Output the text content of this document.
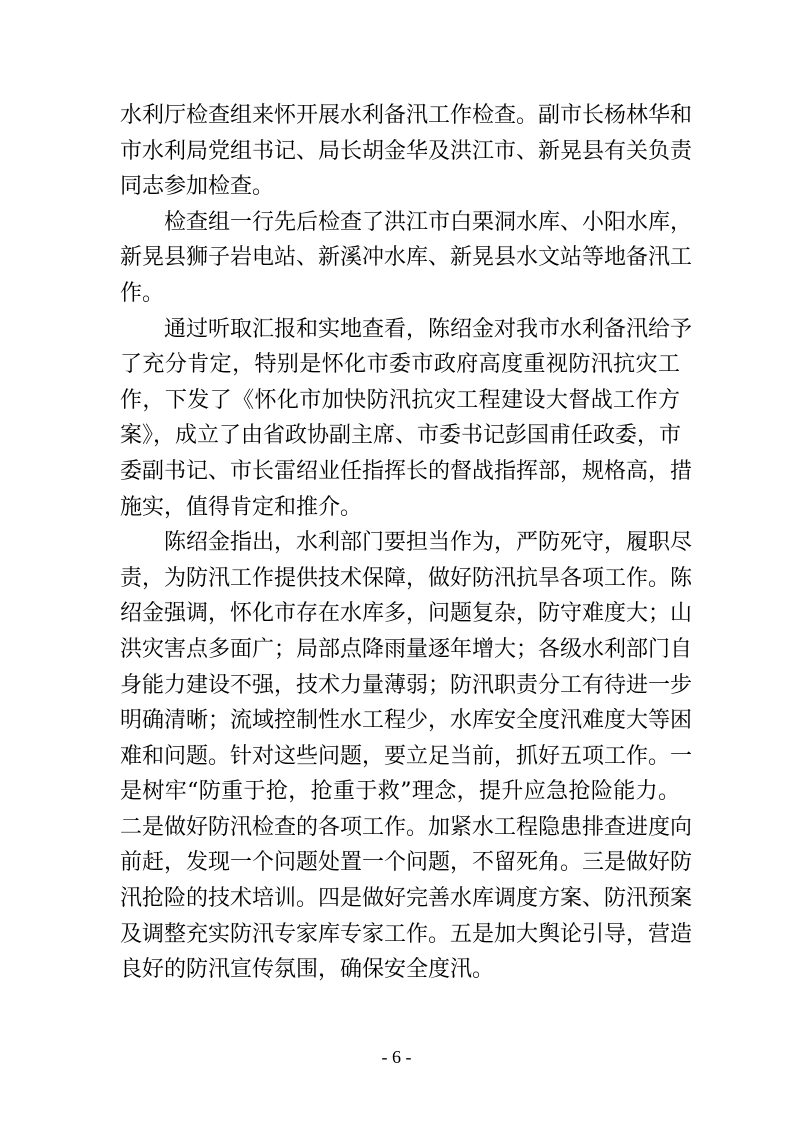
水利厅检查组来怀开展水利备汛工作检查。副市长杨林华和
市水利局党组书记、局长胡金华及洪江市、新晃县有关负责
同志参加检查。
检查组一行先后检查了洪江市白栗洞水库、小阳水库，
新晃县狮子岩电站、新溪冲水库、新晃县水文站等地备汛工
作。
通过听取汇报和实地查看，陈绍金对我市水利备汛给予
了充分肯定，特别是怀化市委市政府高度重视防汛抗灾工
作，下发了《怀化市加快防汛抗灾工程建设大督战工作方
案》，成立了由省政协副主席、市委书记彭国甫任政委，市
委副书记、市长雷绍业任指挥长的督战指挥部，规格高，措
施实，值得肯定和推介。
陈绍金指出，水利部门要担当作为，严防死守，履职尽
责，为防汛工作提供技术保障，做好防汛抗旱各项工作。陈
绍金强调，怀化市存在水库多，问题复杂，防守难度大；山
洪灾害点多面广；局部点降雨量逐年增大；各级水利部门自
身能力建设不强，技术力量薄弱；防汛职责分工有待进一步
明确清晰；流域控制性水工程少，水库安全度汛难度大等困
难和问题。针对这些问题，要立足当前，抓好五项工作。一
是树牢“防重于抢，抢重于救”理念，提升应急抢险能力。
二是做好防汛检查的各项工作。加紧水工程隐患排查进度向
前赶，发现一个问题处置一个问题，不留死角。三是做好防
汛抢险的技术培训。四是做好完善水库调度方案、防汛预案
及调整充实防汛专家库专家工作。五是加大舆论引导，营造
良好的防汛宣传氛围，确保安全度汛。
- 6 -
